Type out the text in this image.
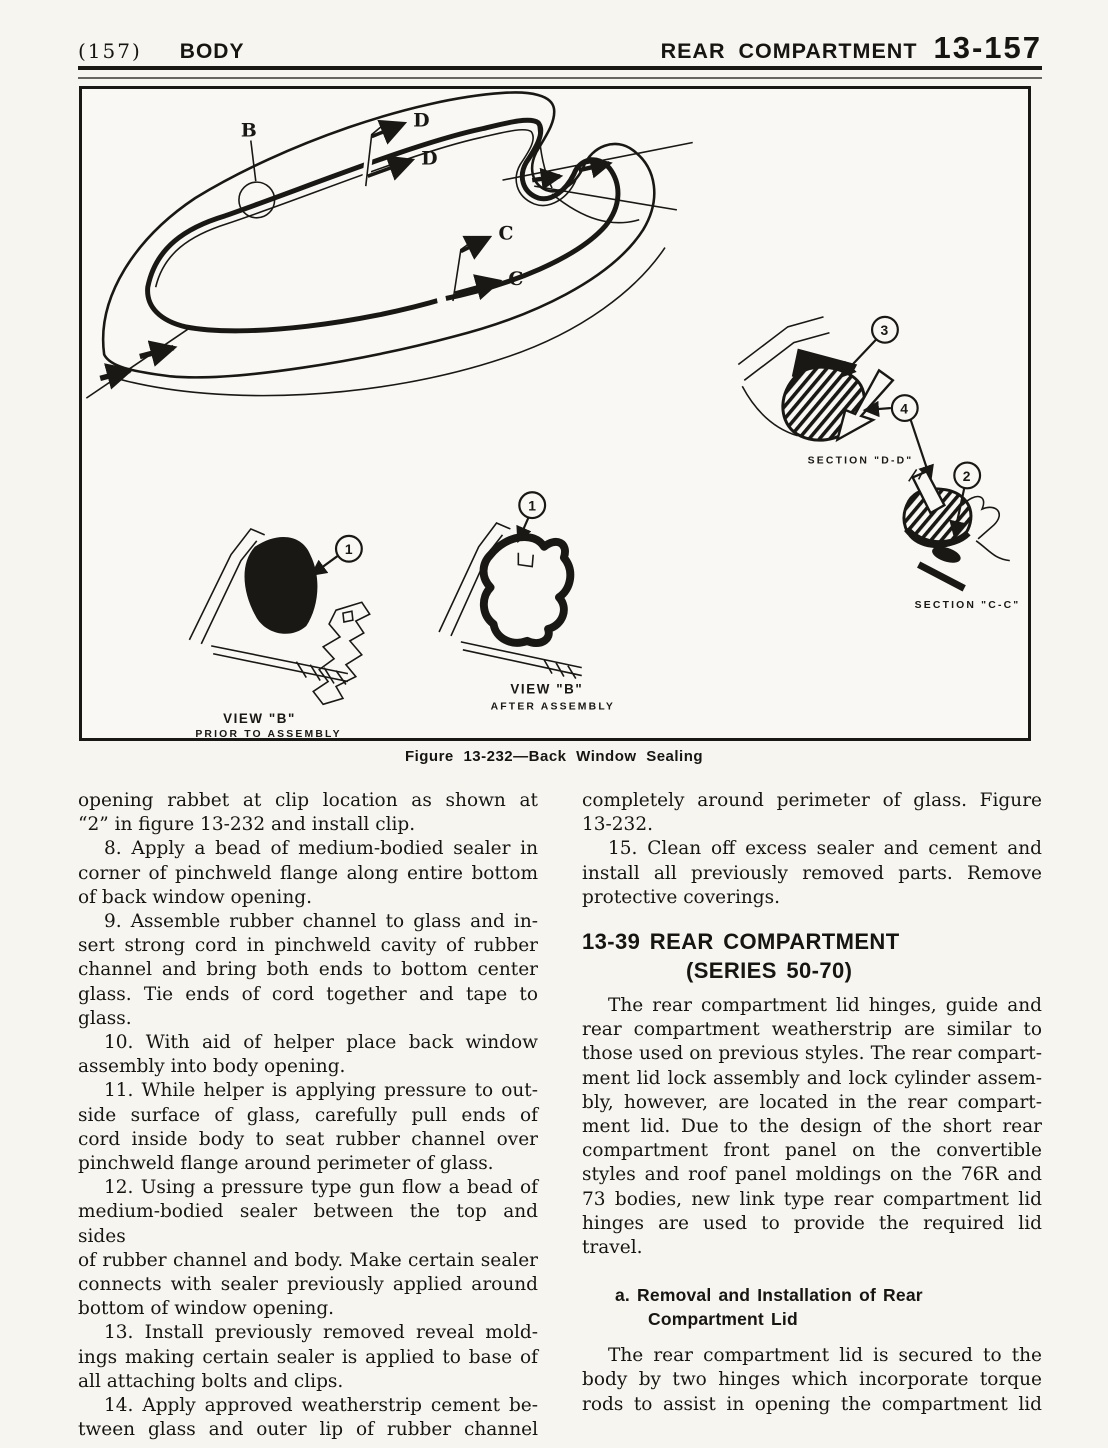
(157) BODY	REAR COMPARTMENT 13-157
B	D
D
C
C
3
4
SECTION "D-D"
2
SECTION "C-C"
1
VIEW "B"
PRIOR TO ASSEMBLY
1
VIEW "B"
AFTER ASSEMBLY
Figure 13-232—Back Window Sealing
opening rabbet at clip location as shown at
“2” in figure 13-232 and install clip.
8. Apply a bead of medium-bodied sealer in
corner of pinchweld flange along entire bottom
of back window opening.
9. Assemble rubber channel to glass and in-
sert strong cord in pinchweld cavity of rubber
channel and bring both ends to bottom center
glass. Tie ends of cord together and tape to
glass.
10. With aid of helper place back window
assembly into body opening.
11. While helper is applying pressure to out-
side surface of glass, carefully pull ends of
cord inside body to seat rubber channel over
pinchweld flange around perimeter of glass.
12. Using a pressure type gun flow a bead of
medium-bodied sealer between the top and sides
of rubber channel and body. Make certain sealer
connects with sealer previously applied around
bottom of window opening.
13. Install previously removed reveal mold-
ings making certain sealer is applied to base of
all attaching bolts and clips.
14. Apply approved weatherstrip cement be-
tween glass and outer lip of rubber channel
completely around perimeter of glass. Figure
13-232.
15. Clean off excess sealer and cement and
install all previously removed parts. Remove
protective coverings.
13-39 REAR COMPARTMENT
(SERIES 50-70)
The rear compartment lid hinges, guide and
rear compartment weatherstrip are similar to
those used on previous styles. The rear compart-
ment lid lock assembly and lock cylinder assem-
bly, however, are located in the rear compart-
ment lid. Due to the design of the short rear
compartment front panel on the convertible
styles and roof panel moldings on the 76R and
73 bodies, new link type rear compartment lid
hinges are used to provide the required lid
travel.
a. Removal and Installation of Rear
Compartment Lid
The rear compartment lid is secured to the
body by two hinges which incorporate torque
rods to assist in opening the compartment lid
